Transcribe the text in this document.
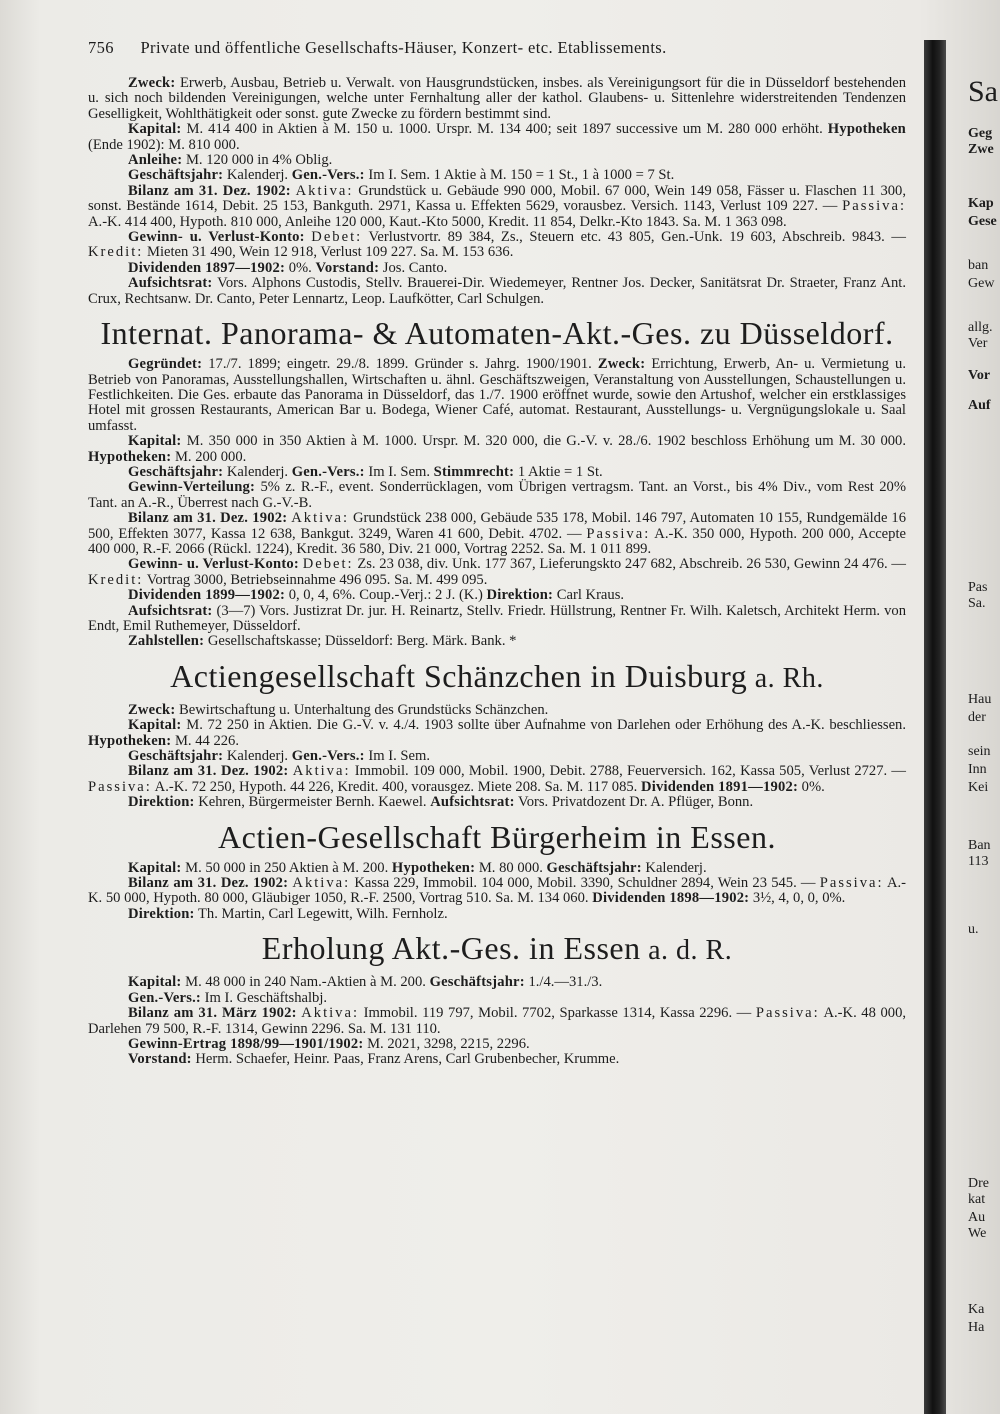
756 Private und öffentliche Gesellschafts-Häuser, Konzert- etc. Etablissements.

Zweck: Erwerb, Ausbau, Betrieb u. Verwalt. von Hausgrundstücken, insbes. als Vereinigungsort für die in Düsseldorf bestehenden u. sich noch bildenden Vereinigungen, welche unter Fernhaltung aller der kathol. Glaubens- u. Sittenlehre widerstreitenden Tendenzen Geselligkeit, Wohlthätigkeit oder sonst. gute Zwecke zu fördern bestimmt sind.

Kapital: M. 414 400 in Aktien à M. 150 u. 1000. Urspr. M. 134 400; seit 1897 successive um M. 280 000 erhöht. Hypotheken (Ende 1902): M. 810 000.

Anleihe: M. 120 000 in 4% Oblig.

Geschäftsjahr: Kalenderj. Gen.-Vers.: Im I. Sem. 1 Aktie à M. 150 = 1 St., 1 à 1000 = 7 St.

Bilanz am 31. Dez. 1902: Aktiva: Grundstück u. Gebäude 990 000, Mobil. 67 000, Wein 149 058, Fässer u. Flaschen 11 300, sonst. Bestände 1614, Debit. 25 153, Bankguth. 2971, Kassa u. Effekten 5629, vorausbez. Versich. 1143, Verlust 109 227. — Passiva: A.-K. 414 400, Hypoth. 810 000, Anleihe 120 000, Kaut.-Kto 5000, Kredit. 11 854, Delkr.-Kto 1843. Sa. M. 1 363 098.

Gewinn- u. Verlust-Konto: Debet: Verlustvortr. 89 384, Zs., Steuern etc. 43 805, Gen.-Unk. 19 603, Abschreib. 9843. — Kredit: Mieten 31 490, Wein 12 918, Verlust 109 227. Sa. M. 153 636.

Dividenden 1897—1902: 0%. Vorstand: Jos. Canto.

Aufsichtsrat: Vors. Alphons Custodis, Stellv. Brauerei-Dir. Wiedemeyer, Rentner Jos. Decker, Sanitätsrat Dr. Straeter, Franz Ant. Crux, Rechtsanw. Dr. Canto, Peter Lennartz, Leop. Laufkötter, Carl Schulgen.

Internat. Panorama- & Automaten-Akt.-Ges. zu Düsseldorf.

Gegründet: 17./7. 1899; eingetr. 29./8. 1899. Gründer s. Jahrg. 1900/1901. Zweck: Errichtung, Erwerb, An- u. Vermietung u. Betrieb von Panoramas, Ausstellungshallen, Wirtschaften u. ähnl. Geschäftszweigen, Veranstaltung von Ausstellungen, Schaustellungen u. Festlichkeiten. Die Ges. erbaute das Panorama in Düsseldorf, das 1./7. 1900 eröffnet wurde, sowie den Artushof, welcher ein erstklassiges Hotel mit grossen Restaurants, American Bar u. Bodega, Wiener Café, automat. Restaurant, Ausstellungs- u. Vergnügungslokale u. Saal umfasst.

Kapital: M. 350 000 in 350 Aktien à M. 1000. Urspr. M. 320 000, die G.-V. v. 28./6. 1902 beschloss Erhöhung um M. 30 000. Hypotheken: M. 200 000.

Geschäftsjahr: Kalenderj. Gen.-Vers.: Im I. Sem. Stimmrecht: 1 Aktie = 1 St.

Gewinn-Verteilung: 5% z. R.-F., event. Sonderrücklagen, vom Übrigen vertragsm. Tant. an Vorst., bis 4% Div., vom Rest 20% Tant. an A.-R., Überrest nach G.-V.-B.

Bilanz am 31. Dez. 1902: Aktiva: Grundstück 238 000, Gebäude 535 178, Mobil. 146 797, Automaten 10 155, Rundgemälde 16 500, Effekten 3077, Kassa 12 638, Bankgut. 3249, Waren 41 600, Debit. 4702. — Passiva: A.-K. 350 000, Hypoth. 200 000, Accepte 400 000, R.-F. 2066 (Rückl. 1224), Kredit. 36 580, Div. 21 000, Vortrag 2252. Sa. M. 1 011 899.

Gewinn- u. Verlust-Konto: Debet: Zs. 23 038, div. Unk. 177 367, Lieferungskto 247 682, Abschreib. 26 530, Gewinn 24 476. — Kredit: Vortrag 3000, Betriebseinnahme 496 095. Sa. M. 499 095.

Dividenden 1899—1902: 0, 0, 4, 6%. Coup.-Verj.: 2 J. (K.) Direktion: Carl Kraus.

Aufsichtsrat: (3—7) Vors. Justizrat Dr. jur. H. Reinartz, Stellv. Friedr. Hüllstrung, Rentner Fr. Wilh. Kaletsch, Architekt Herm. von Endt, Emil Ruthemeyer, Düsseldorf.

Zahlstellen: Gesellschaftskasse; Düsseldorf: Berg. Märk. Bank. *

Actiengesellschaft Schänzchen in Duisburg a. Rh.

Zweck: Bewirtschaftung u. Unterhaltung des Grundstücks Schänzchen.

Kapital: M. 72 250 in Aktien. Die G.-V. v. 4./4. 1903 sollte über Aufnahme von Darlehen oder Erhöhung des A.-K. beschliessen. Hypotheken: M. 44 226.

Geschäftsjahr: Kalenderj. Gen.-Vers.: Im I. Sem.

Bilanz am 31. Dez. 1902: Aktiva: Immobil. 109 000, Mobil. 1900, Debit. 2788, Feuerversich. 162, Kassa 505, Verlust 2727. — Passiva: A.-K. 72 250, Hypoth. 44 226, Kredit. 400, vorausgez. Miete 208. Sa. M. 117 085. Dividenden 1891—1902: 0%.

Direktion: Kehren, Bürgermeister Bernh. Kaewel. Aufsichtsrat: Vors. Privatdozent Dr. A. Pflüger, Bonn.

Actien-Gesellschaft Bürgerheim in Essen.

Kapital: M. 50 000 in 250 Aktien à M. 200. Hypotheken: M. 80 000. Geschäftsjahr: Kalenderj.

Bilanz am 31. Dez. 1902: Aktiva: Kassa 229, Immobil. 104 000, Mobil. 3390, Schuldner 2894, Wein 23 545. — Passiva: A.-K. 50 000, Hypoth. 80 000, Gläubiger 1050, R.-F. 2500, Vortrag 510. Sa. M. 134 060. Dividenden 1898—1902: 3½, 4, 0, 0, 0%.

Direktion: Th. Martin, Carl Legewitt, Wilh. Fernholz.

Erholung Akt.-Ges. in Essen a. d. R.

Kapital: M. 48 000 in 240 Nam.-Aktien à M. 200. Geschäftsjahr: 1./4.—31./3.

Gen.-Vers.: Im I. Geschäftshalbj.

Bilanz am 31. März 1902: Aktiva: Immobil. 119 797, Mobil. 7702, Sparkasse 1314, Kassa 2296. — Passiva: A.-K. 48 000, Darlehen 79 500, R.-F. 1314, Gewinn 2296. Sa. M. 131 110.

Gewinn-Ertrag 1898/99—1901/1902: M. 2021, 3298, 2215, 2296.

Vorstand: Herm. Schaefer, Heinr. Paas, Franz Arens, Carl Grubenbecher, Krumme.

Sa
Geg
Zwe
Kap
Gese
ban
Gew
allg.
Ver
Vor
Auf
Pas
Sa.
Hau
der
sein
Inn
Kei
Ban
113
u.
Dre
kat
Au
We
Ka
Ha
